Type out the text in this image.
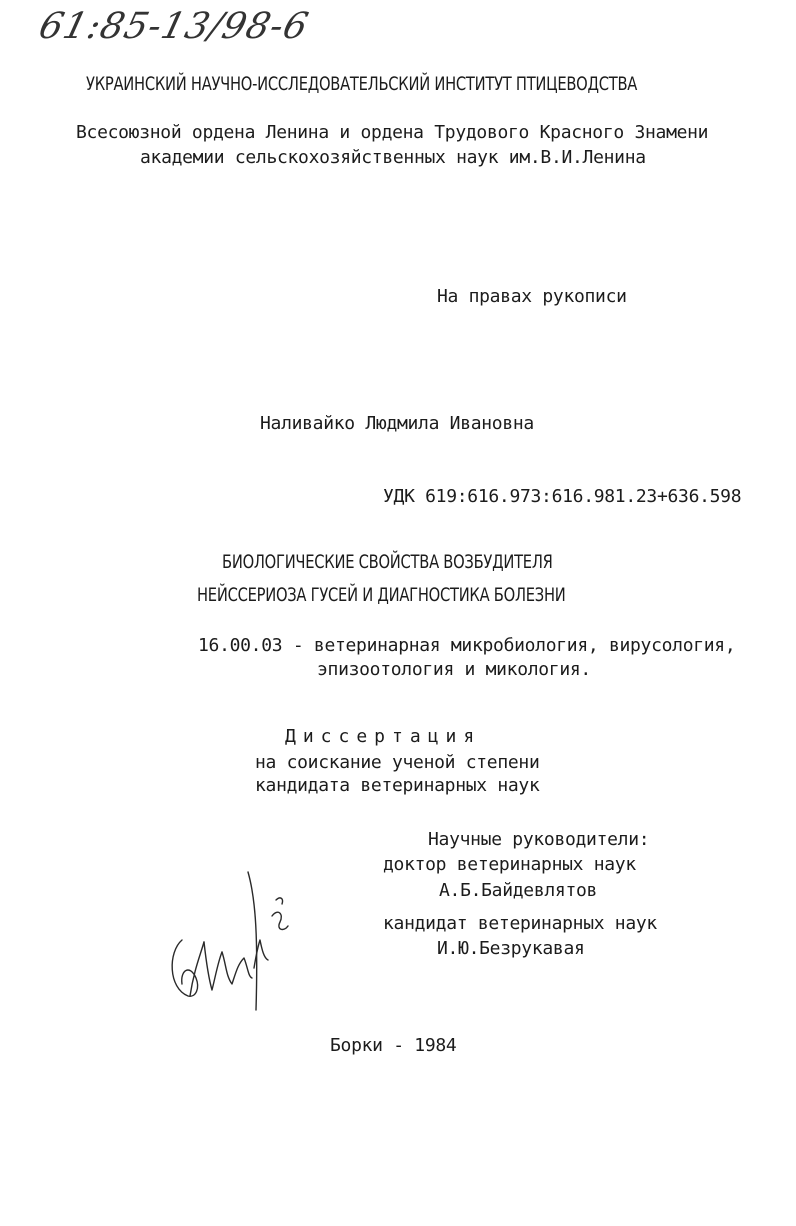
61:85-13/98-6
УКРАИНСКИЙ НАУЧНО-ИССЛЕДОВАТЕЛЬСКИЙ ИНСТИТУТ ПТИЦЕВОДСТВА
Всесоюзной ордена Ленина и ордена Трудового Красного Знамени
академии сельскохозяйственных наук им.В.И.Ленина
На правах рукописи
Наливайко Людмила Ивановна
УДК 619:616.973:616.981.23+636.598
БИОЛОГИЧЕСКИЕ СВОЙСТВА ВОЗБУДИТЕЛЯ
НЕЙССЕРИОЗА ГУСЕЙ И ДИАГНОСТИКА БОЛЕЗНИ
16.00.03 - ветеринарная микробиология, вирусология,
эпизоотология и микология.
Диссертация
на соискание ученой степени
кандидата ветеринарных наук
Научные руководители:
доктор ветеринарных наук
А.Б.Байдевлятов
кандидат ветеринарных наук
И.Ю.Безрукавая
Борки - 1984
